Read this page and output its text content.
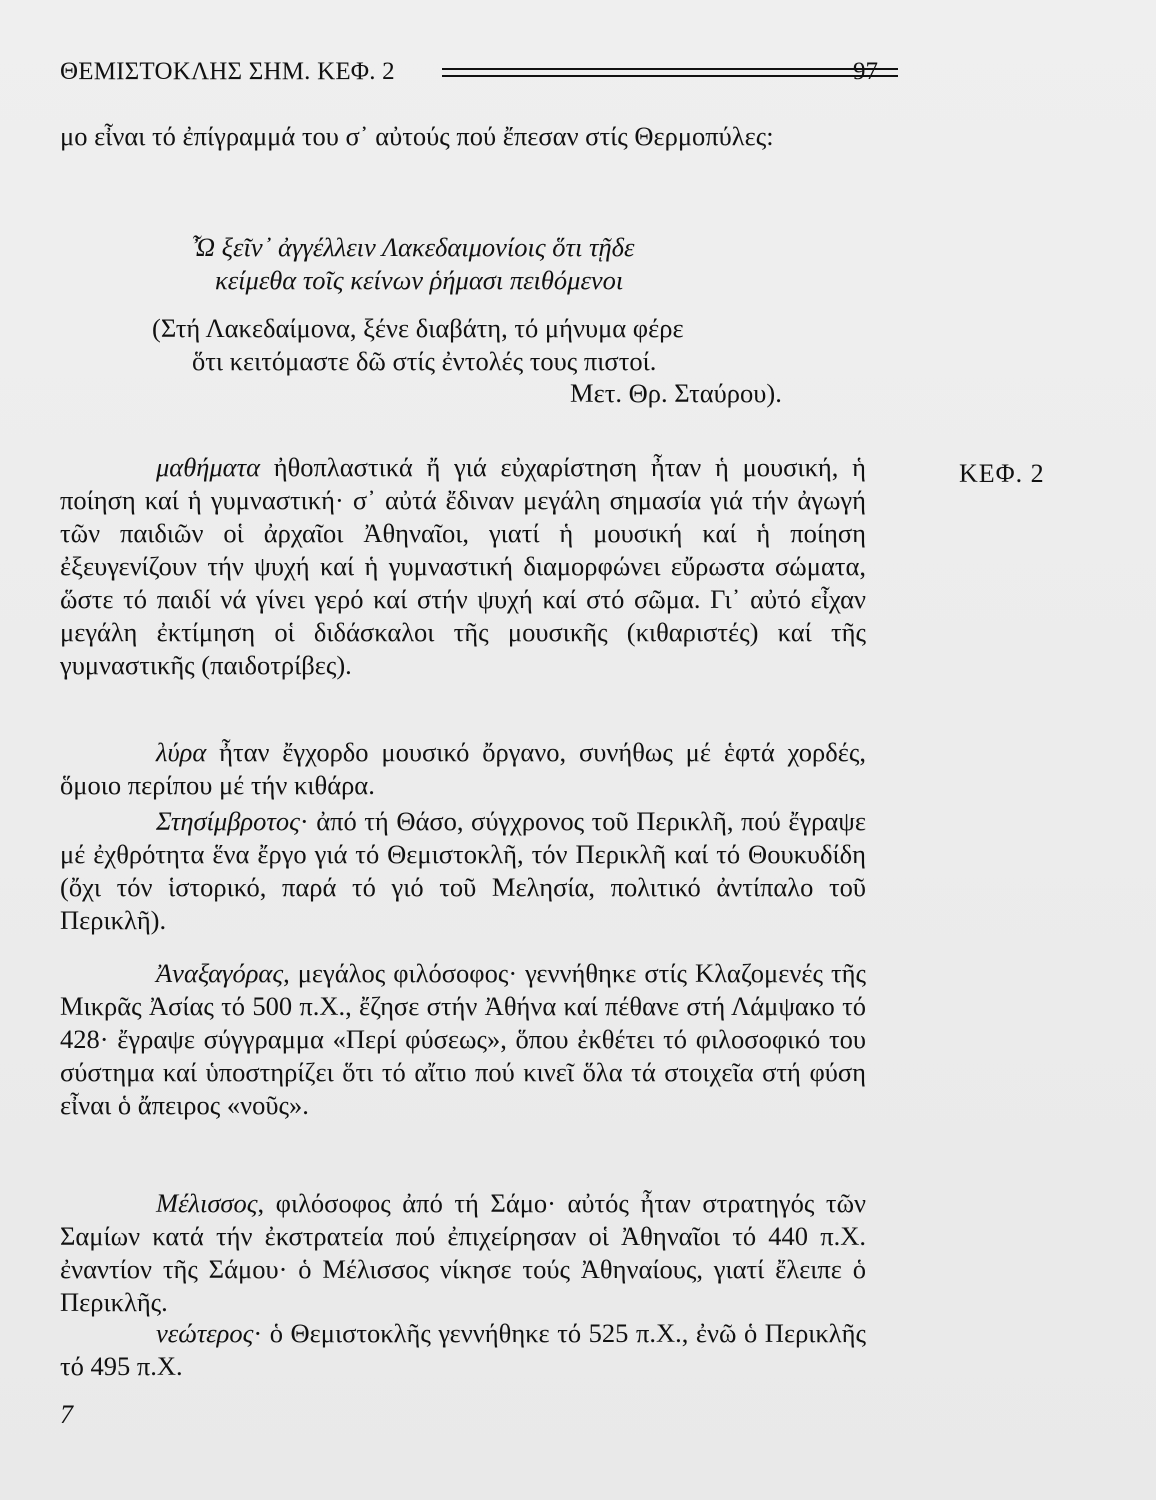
ΘΕΜΙΣΤΟΚΛΗΣ ΣΗΜ. ΚΕΦ. 2	97

μο εἶναι τό ἐπίγραμμά του σ᾽ αὐτούς πού ἔπεσαν στίς Θερμοπύλες:

Ὦ ξεῖν᾽ ἀγγέλλειν Λακεδαιμονίοις ὅτι τῇδε
κείμεθα τοῖς κείνων ῥήμασι πειθόμενοι
(Στή Λακεδαίμονα, ξένε διαβάτη, τό μήνυμα φέρε
ὅτι κειτόμαστε δῶ στίς ἐντολές τους πιστοί.
Μετ. Θρ. Σταύρου).
ΚΕΦ. 2

μαθήματα ἠθοπλαστικά ἤ γιά εὐχαρίστηση ἦταν ἡ μουσική, ἡ ποίηση καί ἡ γυμναστική· σ᾽ αὐτά ἔδιναν μεγάλη σημασία γιά τήν ἀγωγή τῶν παιδιῶν οἱ ἀρχαῖοι Ἀθηναῖοι, γιατί ἡ μουσική καί ἡ ποίηση ἐξευγενίζουν τήν ψυχή καί ἡ γυμναστική διαμορφώνει εὔρωστα σώματα, ὥστε τό παιδί νά γίνει γερό καί στήν ψυχή καί στό σῶμα. Γι᾽ αὐτό εἶχαν μεγάλη ἐκτίμηση οἱ διδάσκαλοι τῆς μουσικῆς (κιθαριστές) καί τῆς γυμναστικῆς (παιδοτρίβες).

λύρα ἦταν ἔγχορδο μουσικό ὄργανο, συνήθως μέ ἑφτά χορδές, ὅμοιο περίπου μέ τήν κιθάρα.

Στησίμβροτος· ἀπό τή Θάσο, σύγχρονος τοῦ Περικλῆ, πού ἔγραψε μέ ἐχθρότητα ἕνα ἔργο γιά τό Θεμιστοκλῆ, τόν Περικλῆ καί τό Θουκυδίδη (ὄχι τόν ἱστορικό, παρά τό γιό τοῦ Μελησία, πολιτικό ἀντίπαλο τοῦ Περικλῆ).

Ἀναξαγόρας, μεγάλος φιλόσοφος· γεννήθηκε στίς Κλαζομενές τῆς Μικρᾶς Ἀσίας τό 500 π.Χ., ἔζησε στήν Ἀθήνα καί πέθανε στή Λάμψακο τό 428· ἔγραψε σύγγραμμα «Περί φύσεως», ὅπου ἐκθέτει τό φιλοσοφικό του σύστημα καί ὑποστηρίζει ὅτι τό αἴτιο πού κινεῖ ὅλα τά στοιχεῖα στή φύση εἶναι ὁ ἄπειρος «νοῦς».

Μέλισσος, φιλόσοφος ἀπό τή Σάμο· αὐτός ἦταν στρατηγός τῶν Σαμίων κατά τήν ἐκστρατεία πού ἐπιχείρησαν οἱ Ἀθηναῖοι τό 440 π.Χ. ἐναντίον τῆς Σάμου· ὁ Μέλισσος νίκησε τούς Ἀθηναίους, γιατί ἔλειπε ὁ Περικλῆς.

νεώτερος· ὁ Θεμιστοκλῆς γεννήθηκε τό 525 π.Χ., ἐνῶ ὁ Περικλῆς τό 495 π.Χ.

7
